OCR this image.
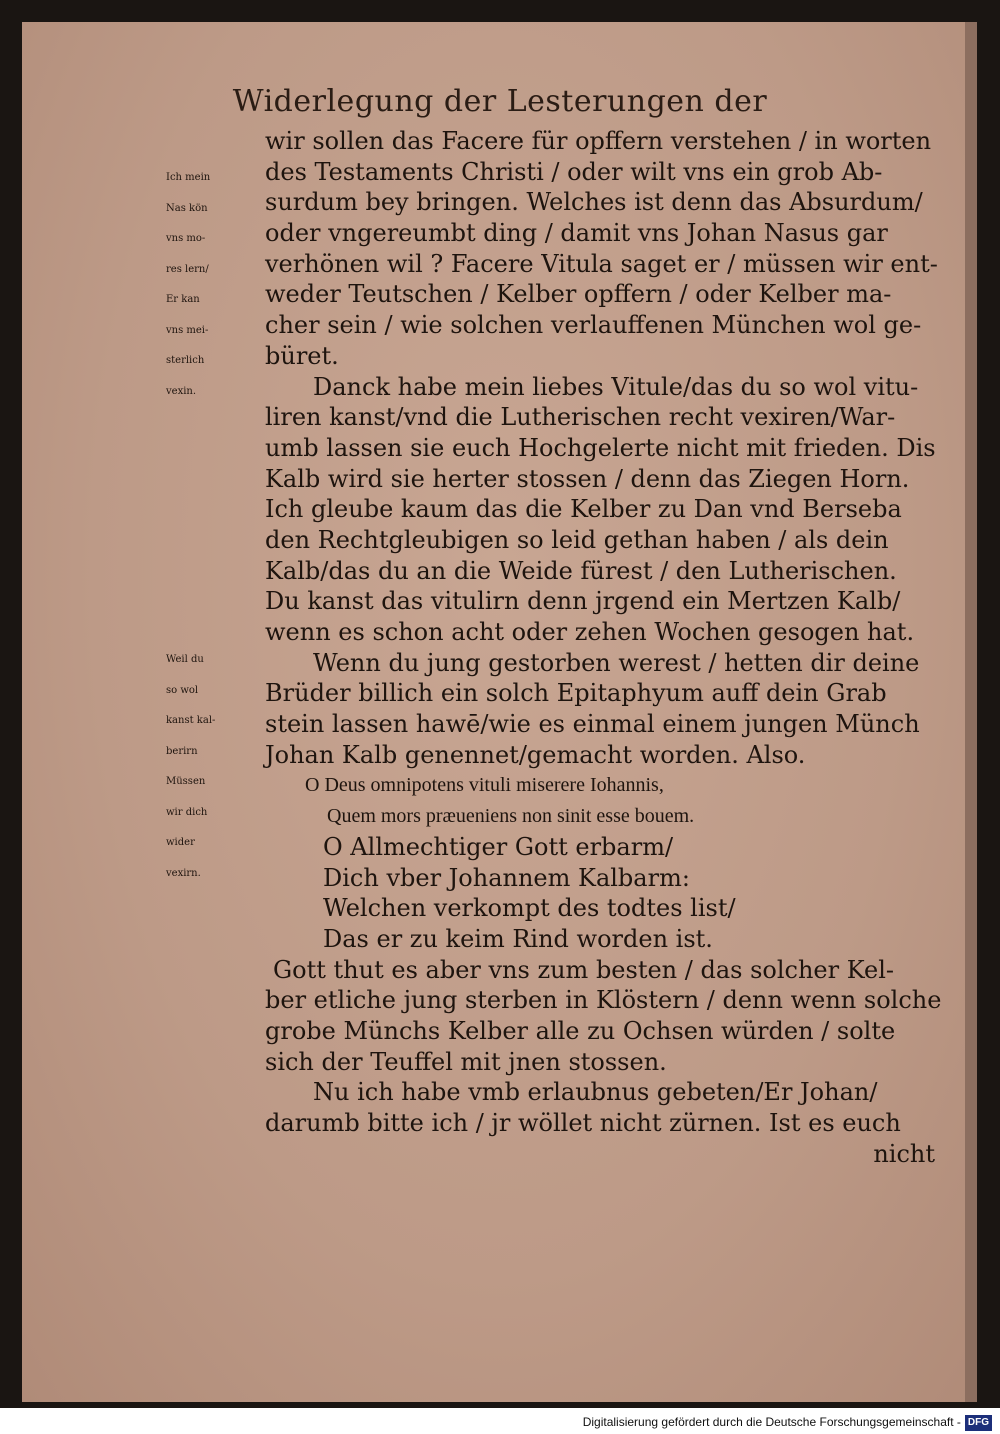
Widerlegung der Lesterungen der
Ich mein
Nas kön
vns mo-
res lern/
Er kan
vns mei-
sterlich
vexin.
Weil du
so wol
kanst kal-
berirn
Müssen
wir dich
wider
vexirn.
wir sollen das Facere für opffern verstehen / in worten
des Testaments Christi / oder wilt vns ein grob Ab-
surdum bey bringen. Welches ist denn das Absurdum/
oder vngereumbt ding / damit vns Johan Nasus gar
verhönen wil ? Facere Vitula saget er / müssen wir ent-
weder Teutschen / Kelber opffern / oder Kelber ma-
cher sein / wie solchen verlauffenen München wol ge-
büret.
Danck habe mein liebes Vitule/das du so wol vitu-
liren kanst/vnd die Lutherischen recht vexiren/War-
umb lassen sie euch Hochgelerte nicht mit frieden. Dis
Kalb wird sie herter stossen / denn das Ziegen Horn.
Ich gleube kaum das die Kelber zu Dan vnd Berseba
den Rechtgleubigen so leid gethan haben / als dein
Kalb/das du an die Weide fürest / den Lutherischen.
Du kanst das vitulirn denn jrgend ein Mertzen Kalb/
wenn es schon acht oder zehen Wochen gesogen hat.
Wenn du jung gestorben werest / hetten dir deine
Brüder billich ein solch Epitaphyum auff dein Grab
stein lassen hawē/wie es einmal einem jungen Münch
Johan Kalb genennet/gemacht worden. Also.
O Deus omnipotens vituli miserere Iohannis,
Quem mors præueniens non sinit esse bouem.
O Allmechtiger Gott erbarm/
Dich vber Johannem Kalbarm:
Welchen verkompt des todtes list/
Das er zu keim Rind worden ist.
Gott thut es aber vns zum besten / das solcher Kel-
ber etliche jung sterben in Klöstern / denn wenn solche
grobe Münchs Kelber alle zu Ochsen würden / solte
sich der Teuffel mit jnen stossen.
Nu ich habe vmb erlaubnus gebeten/Er Johan/
darumb bitte ich / jr wöllet nicht zürnen. Ist es euch
nicht
Digitalisierung gefördert durch die Deutsche Forschungsgemeinschaft - DFG
